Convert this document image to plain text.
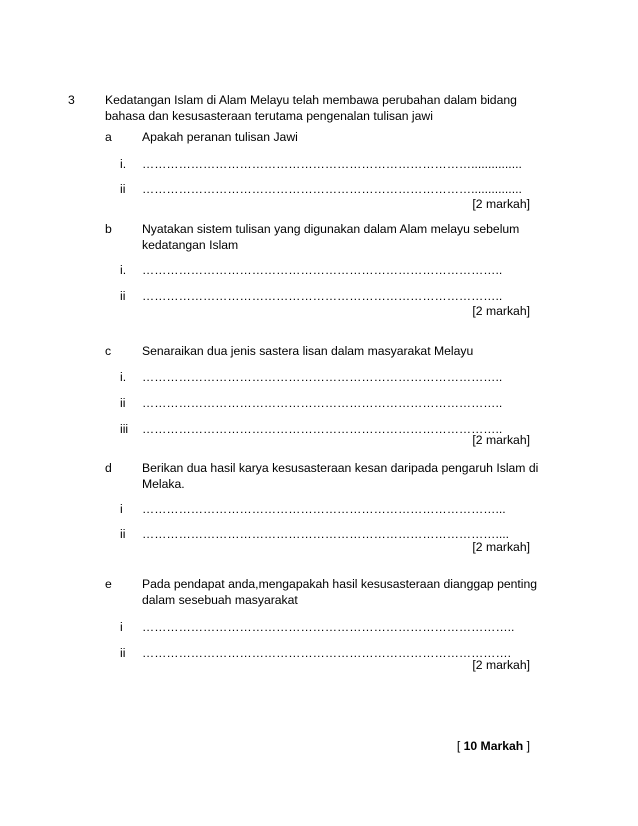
3 Kedatangan Islam di Alam Melayu telah membawa perubahan dalam bidang
bahasa dan kesusasteraan terutama pengenalan tulisan jawi
a Apakah peranan tulisan Jawi
i. ………………………………………………………………………...............
ii ………………………………………………………………………...............
[2 markah]
b Nyatakan sistem tulisan yang digunakan dalam Alam melayu sebelum
kedatangan Islam
i. ……………………………………………………………………………..
ii ……………………………………………………………………………..
[2 markah]
c	Senaraikan dua jenis sastera lisan dalam masyarakat Melayu
i. ……………………………………………………………………………..
ii ……………………………………………………………………………..
iii ……………………………………………………………………………..
[2 markah]
d Berikan dua hasil karya kesusasteraan kesan daripada pengaruh Islam di
Melaka.
i ……………………………………………………………………………...
ii ……………………………………………………………………………....
[2 markah]
e Pada pendapat anda,mengapakah hasil kesusasteraan dianggap penting
dalam sesebuah masyarakat
i ………………………………………………………………………………..
ii ……………………………………………………………………………….
[2 markah]
[ 10 Markah ]
